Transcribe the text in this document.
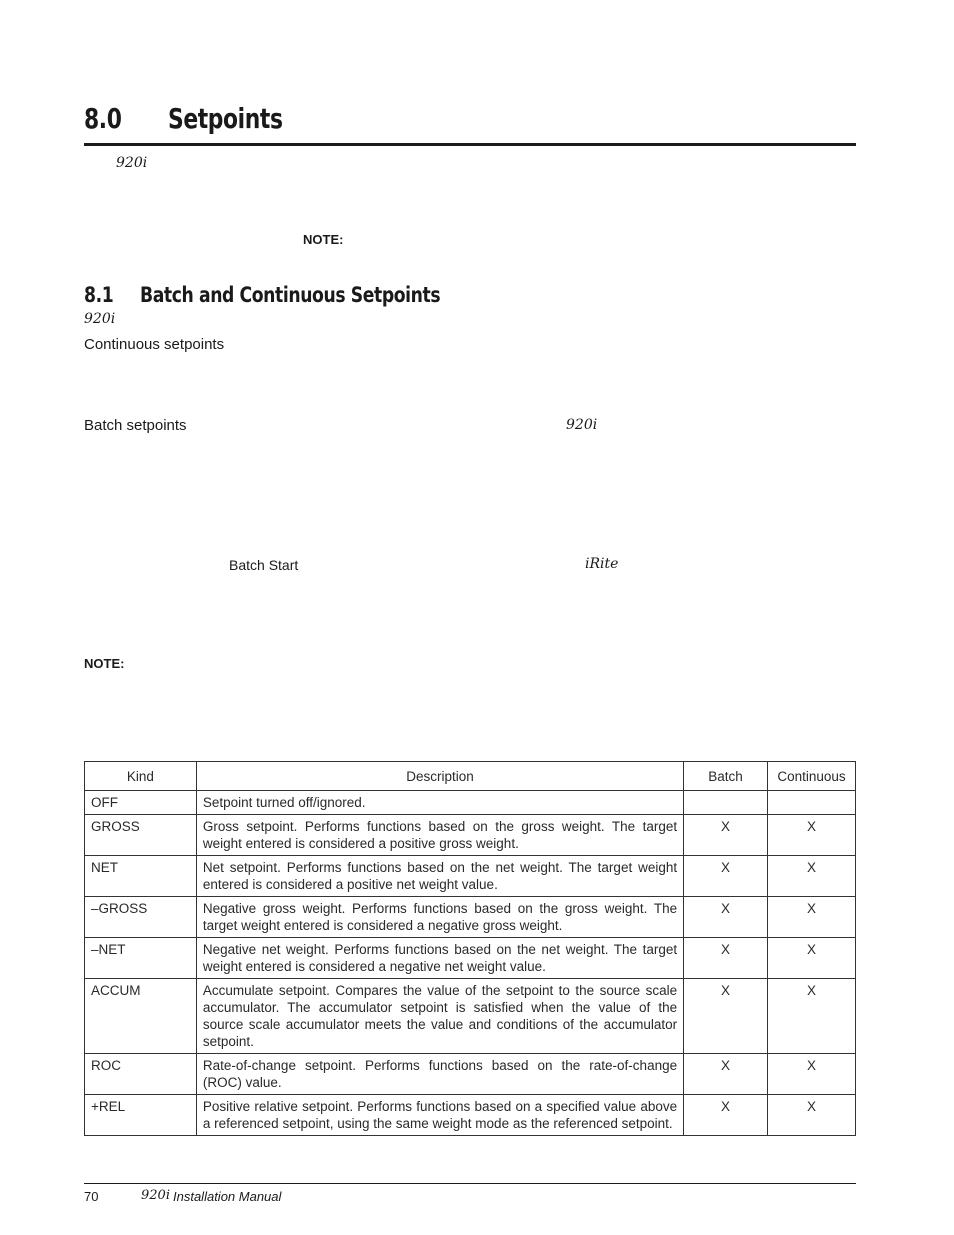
8.0 Setpoints
920i
NOTE:
8.1 Batch and Continuous Setpoints
920i
Continuous setpoints
Batch setpoints	920i
Batch Start	iRite
NOTE:
Kind	Description	Batch	Continuous
OFF	Setpoint turned off/ignored.		
GROSS	Gross setpoint. Performs functions based on the gross weight. The target weight entered is considered a positive gross weight.	X	X
NET	Net setpoint. Performs functions based on the net weight. The target weight entered is considered a positive net weight value.	X	X
–GROSS	Negative gross weight. Performs functions based on the gross weight. The target weight entered is considered a negative gross weight.	X	X
–NET	Negative net weight. Performs functions based on the net weight. The target weight entered is considered a negative net weight value.	X	X
ACCUM	Accumulate setpoint. Compares the value of the setpoint to the source scale accumulator. The accumulator setpoint is satisfied when the value of the source scale accumulator meets the value and conditions of the accumulator setpoint.	X	X
ROC	Rate-of-change setpoint. Performs functions based on the rate-of-change (ROC) value.	X	X
+REL	Positive relative setpoint. Performs functions based on a specified value above a referenced setpoint, using the same weight mode as the referenced setpoint.	X	X
70	920i Installation Manual
